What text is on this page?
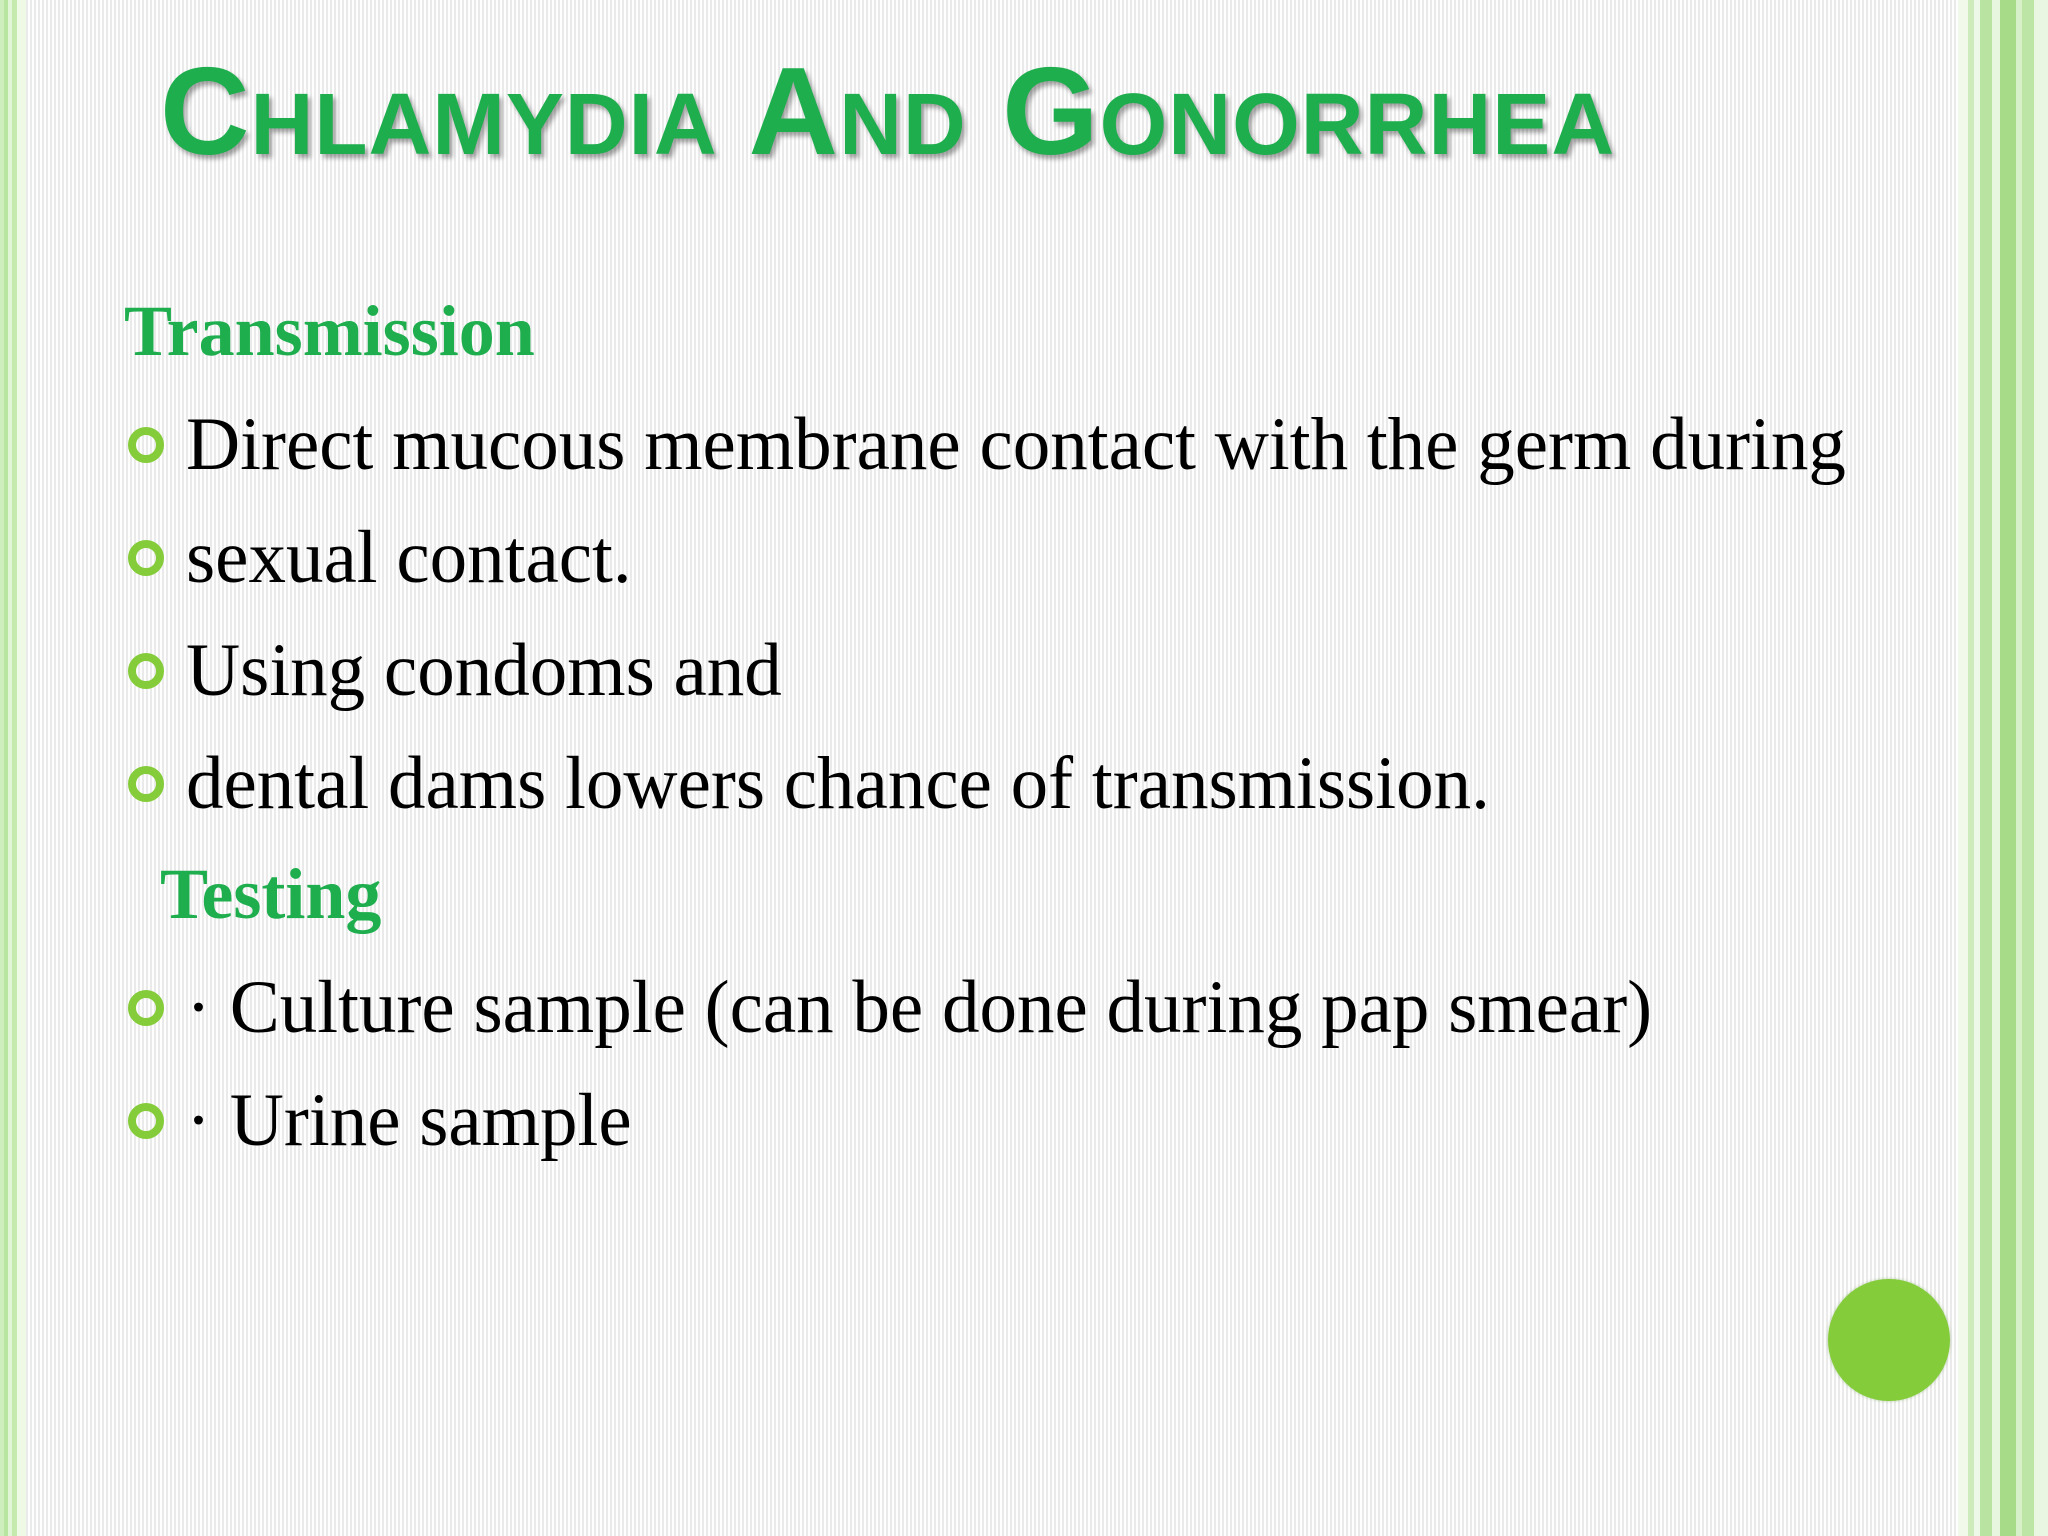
Chlamydia And Gonorrhea
Transmission
Direct mucous membrane contact with the germ during
sexual contact.
Using condoms and
dental dams lowers chance of transmission.
Testing
· Culture sample (can be done during pap smear)
· Urine sample
